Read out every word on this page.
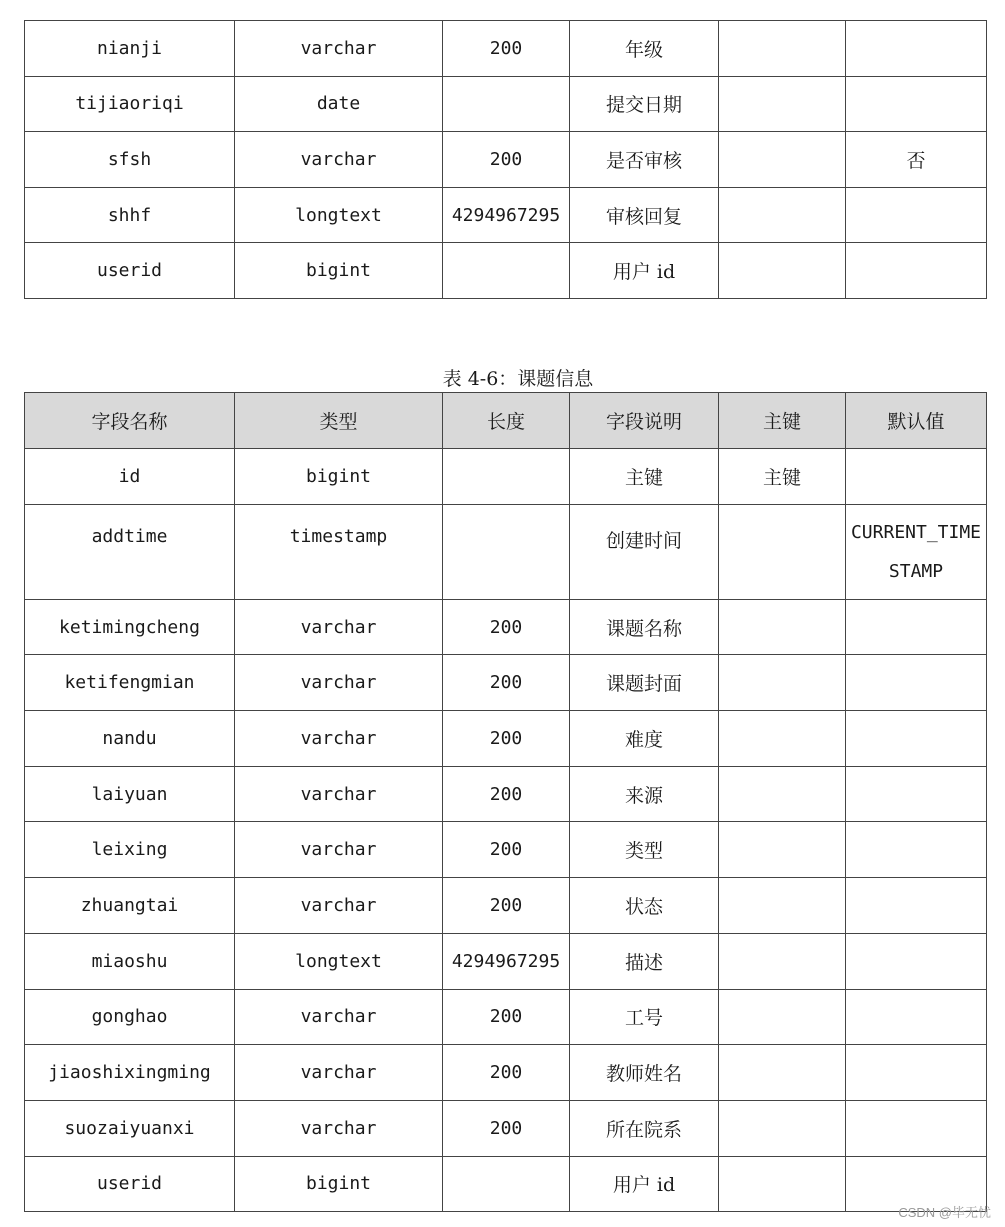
nianji	varchar	200	年级		
tijiaoriqi	date		提交日期		
sfsh	varchar	200	是否审核		否
shhf	longtext	4294967295	审核回复		
userid	bigint		用户 id		
表 4-6：课题信息
字段名称	类型	长度	字段说明	主键	默认值
id	bigint		主键	主键	
addtime	timestamp		创建时间		CURRENT_TIMESTAMP
ketimingcheng	varchar	200	课题名称		
ketifengmian	varchar	200	课题封面		
nandu	varchar	200	难度		
laiyuan	varchar	200	来源		
leixing	varchar	200	类型		
zhuangtai	varchar	200	状态		
miaoshu	longtext	4294967295	描述		
gonghao	varchar	200	工号		
jiaoshixingming	varchar	200	教师姓名		
suozaiyuanxi	varchar	200	所在院系		
userid	bigint		用户 id		
CSDN @毕无忧
